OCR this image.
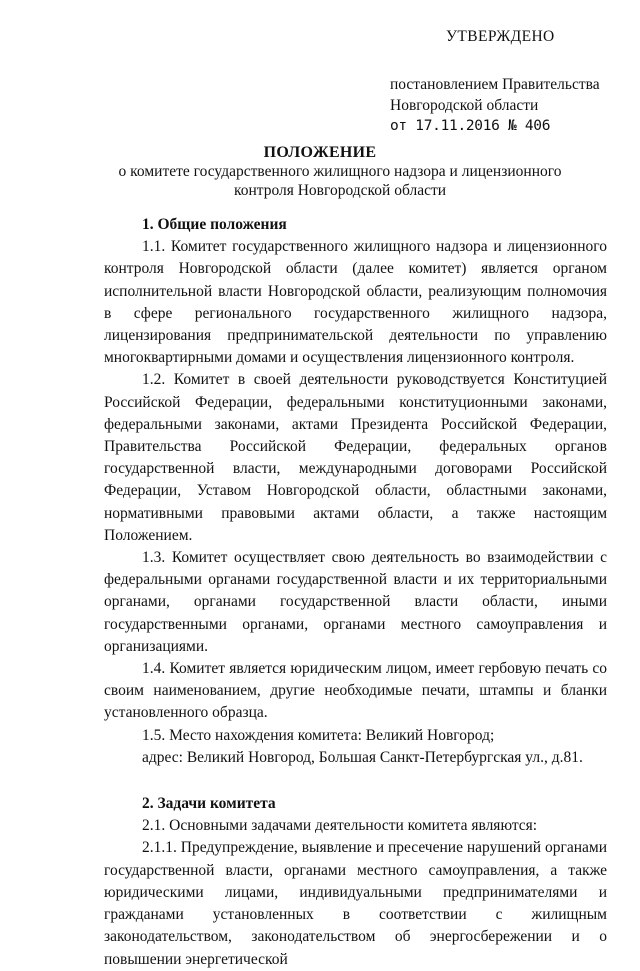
УТВЕРЖДЕНО
постановлением Правительства
Новгородской области
от 17.11.2016 № 406
ПОЛОЖЕНИЕ
о комитете государственного жилищного надзора и лицензионного контроля Новгородской области
1. Общие положения

1.1. Комитет государственного жилищного надзора и лицензионного контроля Новгородской области (далее комитет) является органом исполнительной власти Новгородской области, реализующим полномочия в сфере регионального государственного жилищного надзора, лицензирования предпринимательской деятельности по управлению многоквартирными домами и осуществления лицензионного контроля.

1.2. Комитет в своей деятельности руководствуется Конституцией Российской Федерации, федеральными конституционными законами, федеральными законами, актами Президента Российской Федерации, Правительства Российской Федерации, федеральных органов государственной власти, международными договорами Российской Федерации, Уставом Новгородской области, областными законами, нормативными правовыми актами области, а также настоящим Положением.

1.3. Комитет осуществляет свою деятельность во взаимодействии с федеральными органами государственной власти и их территориальными органами, органами государственной власти области, иными государственными органами, органами местного самоуправления и организациями.

1.4. Комитет является юридическим лицом, имеет гербовую печать со своим наименованием, другие необходимые печати, штампы и бланки установленного образца.

1.5. Место нахождения комитета: Великий Новгород;

адрес: Великий Новгород, Большая Санкт-Петербургская ул., д.81.

2. Задачи комитета

2.1. Основными задачами деятельности комитета являются:

2.1.1. Предупреждение, выявление и пресечение нарушений органами государственной власти, органами местного самоуправления, а также юридическими лицами, индивидуальными предпринимателями и гражданами установленных в соответствии с жилищным законодательством, законодательством об энергосбережении и о повышении энергетической
